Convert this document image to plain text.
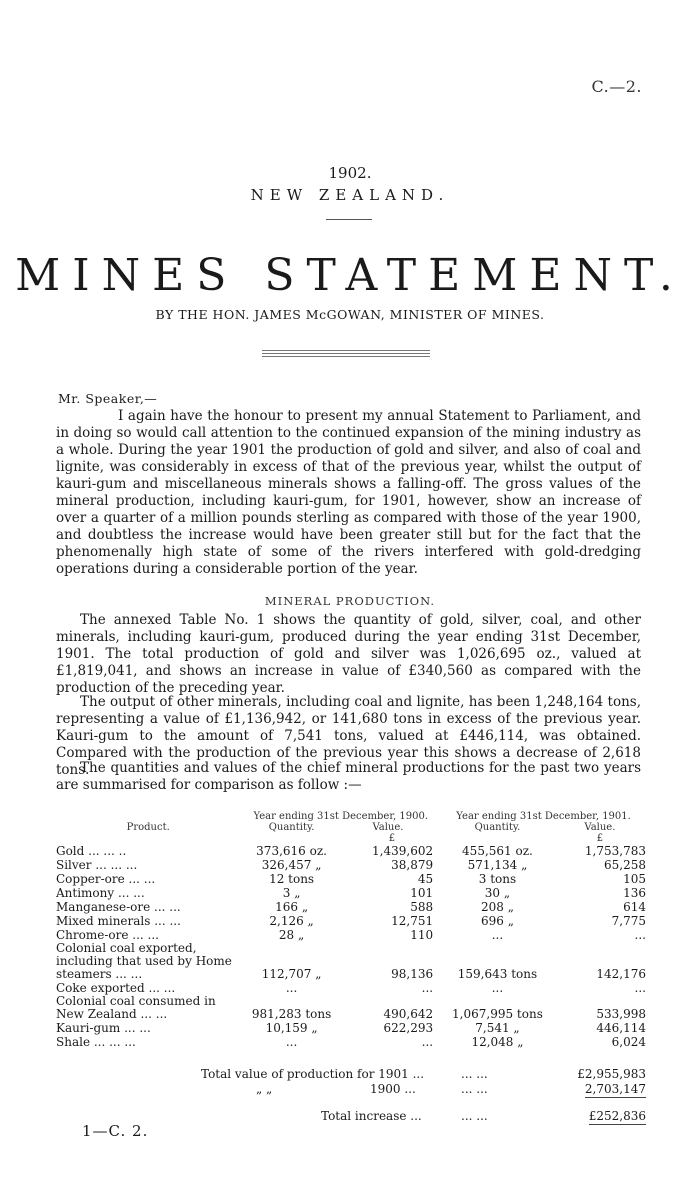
C.—2.
1902.
NEW ZEALAND.
MINES STATEMENT.
BY THE HON. JAMES McGOWAN, MINISTER OF MINES.
Mr. Speaker,—
I again have the honour to present my annual Statement to Parliament, and in doing so would call attention to the continued expansion of the mining industry as a whole. During the year 1901 the production of gold and silver, and also of coal and lignite, was considerably in excess of that of the previous year, whilst the output of kauri-gum and miscellaneous minerals shows a falling-off. The gross values of the mineral production, including kauri-gum, for 1901, however, show an increase of over a quarter of a million pounds sterling as compared with those of the year 1900, and doubtless the increase would have been greater still but for the fact that the phenomenally high state of some of the rivers interfered with gold-dredging operations during a considerable portion of the year.
MINERAL PRODUCTION.
The annexed Table No. 1 shows the quantity of gold, silver, coal, and other minerals, including kauri-gum, produced during the year ending 31st December, 1901. The total production of gold and silver was 1,026,695 oz., valued at £1,819,041, and shows an increase in value of £340,560 as compared with the production of the preceding year.
The output of other minerals, including coal and lignite, has been 1,248,164 tons, representing a value of £1,136,942, or 141,680 tons in excess of the previous year. Kauri-gum to the amount of 7,541 tons, valued at £446,114, was obtained. Compared with the production of the previous year this shows a decrease of 2,618 tons.
The quantities and values of the chief mineral productions for the past two years are summarised for comparison as follow :—
	Year ending 31st December, 1900.		Year ending 31st December, 1901.	
Product.	Quantity.	Value.	Quantity.	Value.
		£		£
Gold ... ... ..	373,616 oz.	1,439,602	455,561 oz.	1,753,783
Silver ... ... ...	326,457 „	38,879	571,134 „	65,258
Copper-ore ... ...	12 tons	45	3 tons	105
Antimony ... ...	3 „	101	30 „	136
Manganese-ore ... ...	166 „	588	208 „	614
Mixed minerals ... ...	2,126 „	12,751	696 „	7,775
Chrome-ore ... ...	28 „	110	...	...
Colonial coal exported, including that used by Home steamers ... ...	112,707 „	98,136	159,643 tons	142,176
Coke exported ... ...	...	...	...	...
Colonial coal consumed in New Zealand ... ...	981,283 tons	490,642	1,067,995 tons	533,998
Kauri-gum ... ...	10,159 „	622,293	7,541 „	446,114
Shale ... ... ...	...	...	12,048 „	6,024
Total value of production for 1901 ...	... ...	£2,955,983
„ „	1900 ...	... ...	2,703,147
Total increase ...	... ...	£252,836
1—C. 2.
